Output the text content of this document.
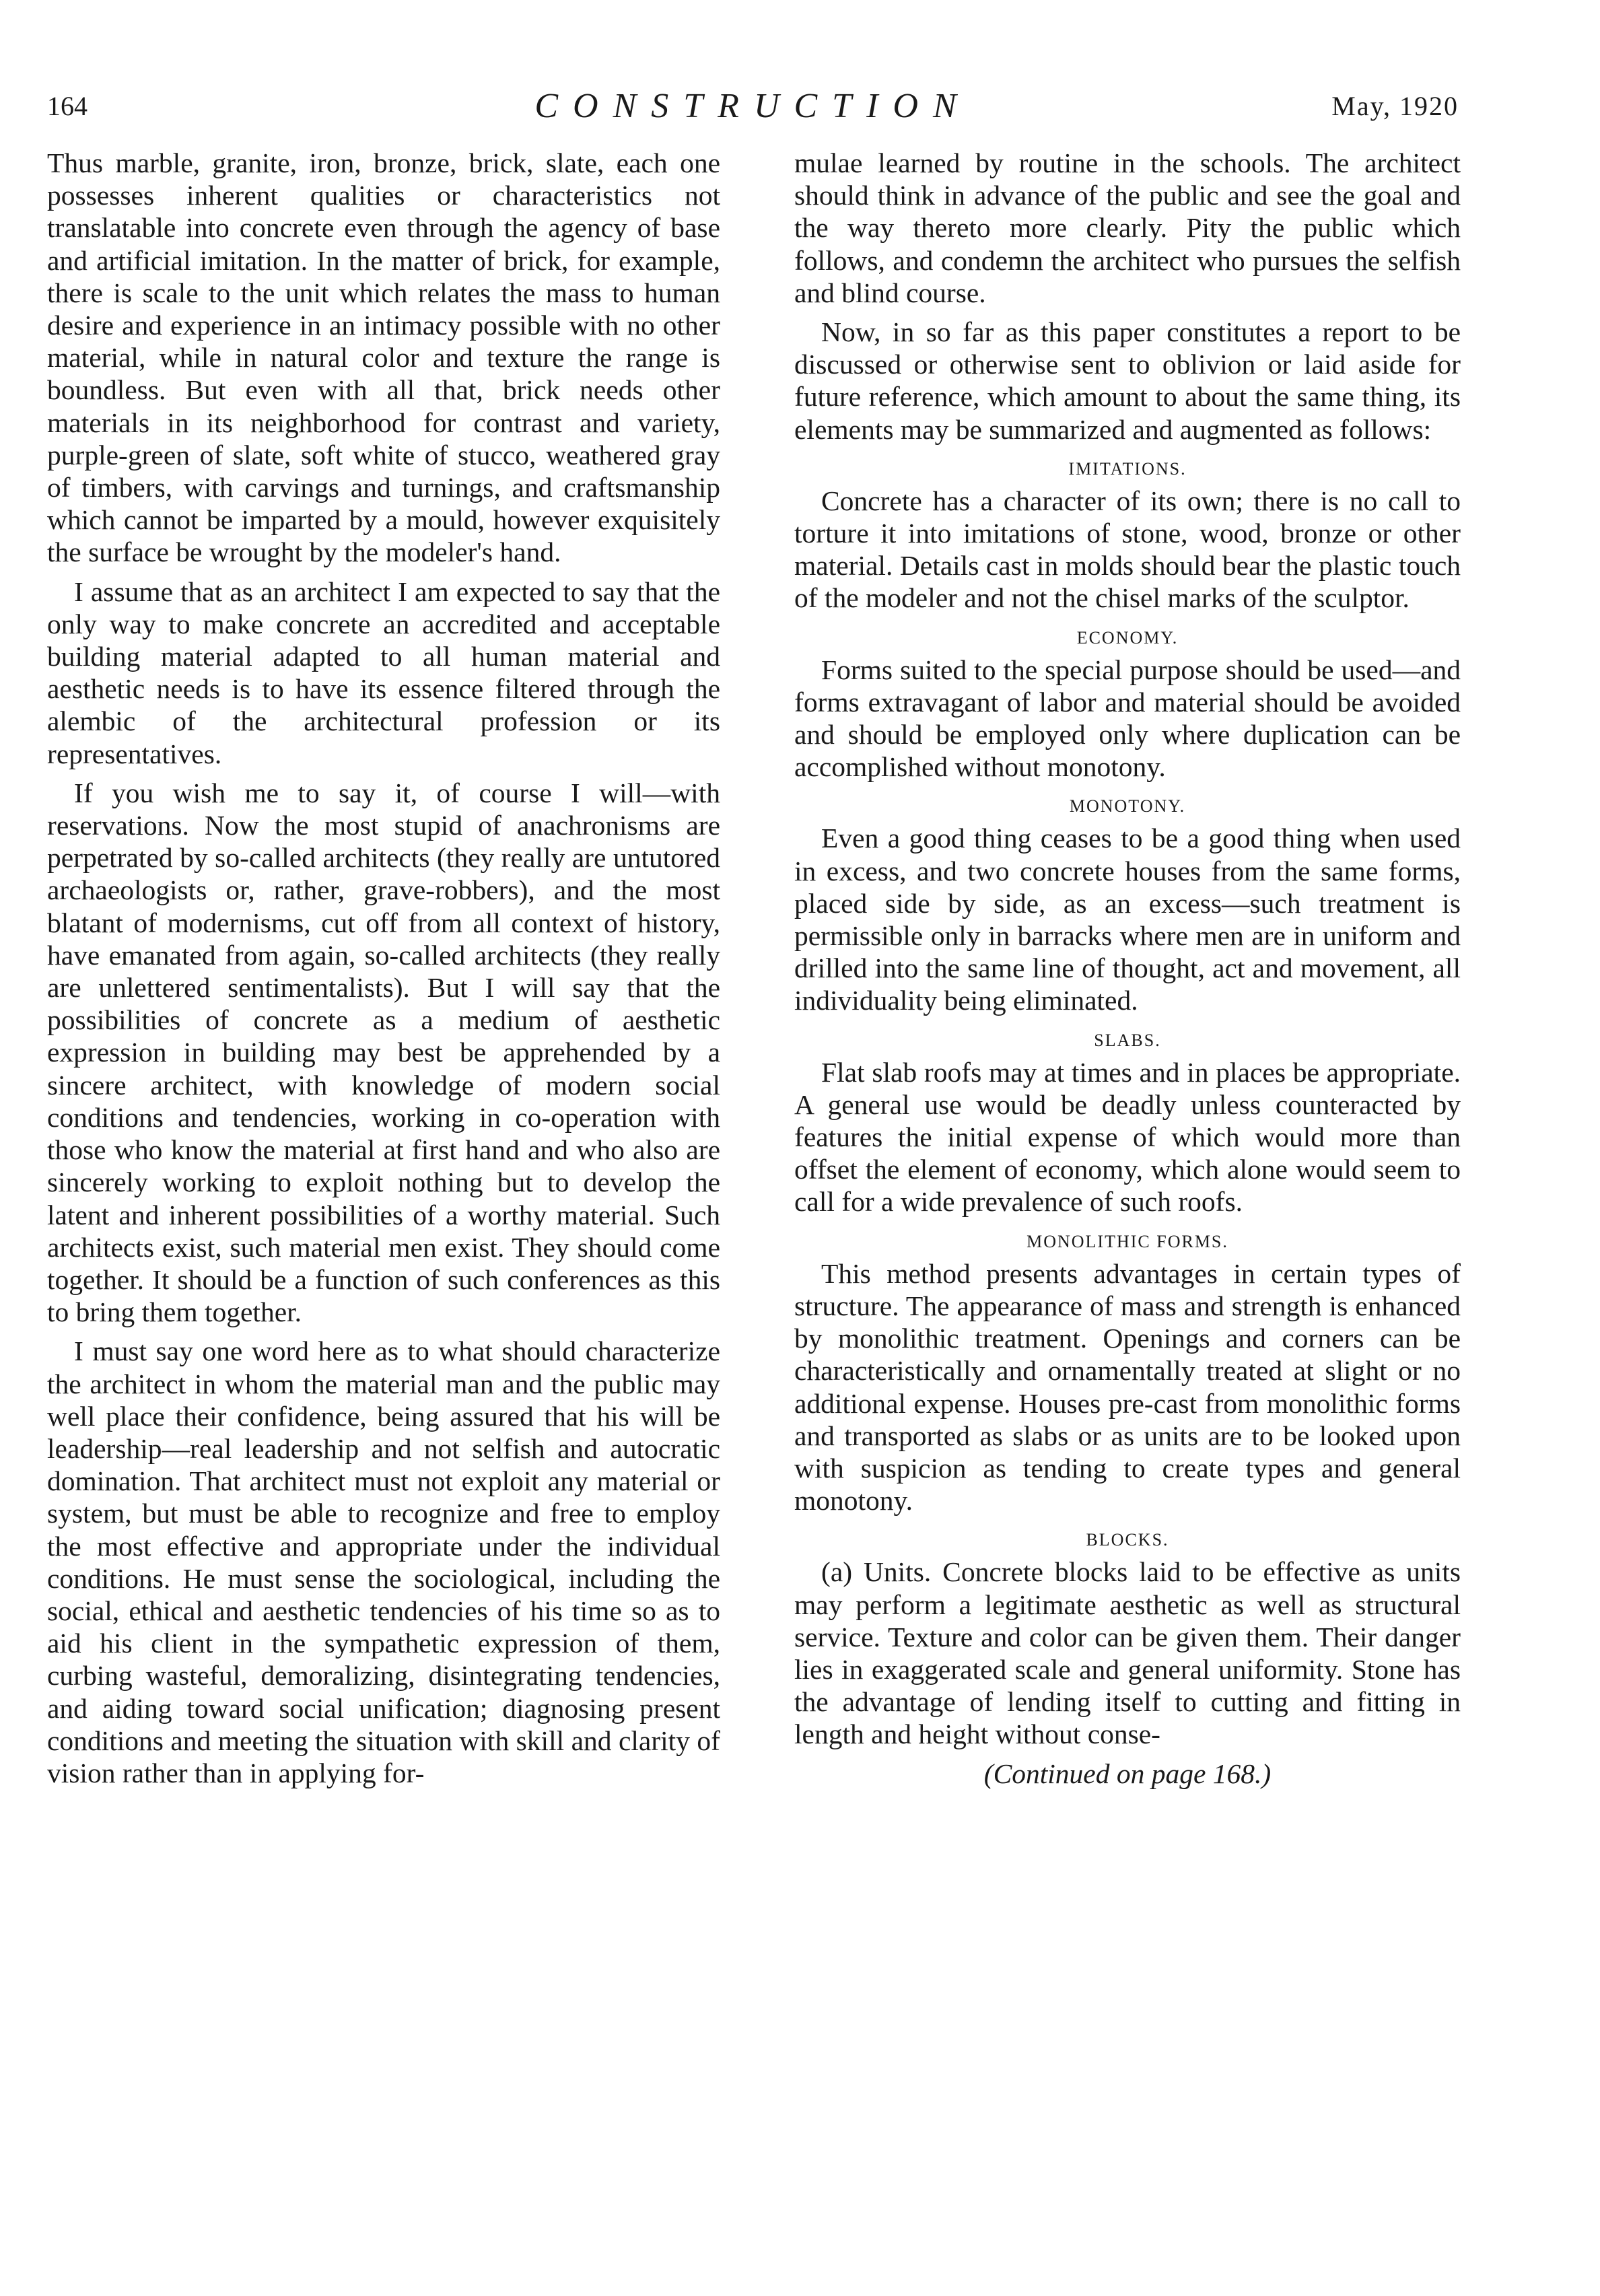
164	CONSTRUCTION	May, 1920

Thus marble, granite, iron, bronze, brick, slate, each one possesses inherent qualities or characteristics not translatable into concrete even through the agency of base and artificial imitation. In the matter of brick, for example, there is scale to the unit which relates the mass to human desire and experience in an intimacy possible with no other material, while in natural color and texture the range is boundless. But even with all that, brick needs other materials in its neighborhood for contrast and variety, purple-green of slate, soft white of stucco, weathered gray of timbers, with carvings and turnings, and craftsmanship which cannot be imparted by a mould, however exquisitely the surface be wrought by the modeler's hand.

I assume that as an architect I am expected to say that the only way to make concrete an accredited and acceptable building material adapted to all human material and aesthetic needs is to have its essence filtered through the alembic of the architectural profession or its representatives.

If you wish me to say it, of course I will—with reservations. Now the most stupid of anachronisms are perpetrated by so-called architects (they really are untutored archaeologists or, rather, grave-robbers), and the most blatant of modernisms, cut off from all context of history, have emanated from again, so-called architects (they really are unlettered sentimentalists). But I will say that the possibilities of concrete as a medium of aesthetic expression in building may best be apprehended by a sincere architect, with knowledge of modern social conditions and tendencies, working in co-operation with those who know the material at first hand and who also are sincerely working to exploit nothing but to develop the latent and inherent possibilities of a worthy material. Such architects exist, such material men exist. They should come together. It should be a function of such conferences as this to bring them together.

I must say one word here as to what should characterize the architect in whom the material man and the public may well place their confidence, being assured that his will be leadership—real leadership and not selfish and autocratic domination. That architect must not exploit any material or system, but must be able to recognize and free to employ the most effective and appropriate under the individual conditions. He must sense the sociological, including the social, ethical and aesthetic tendencies of his time so as to aid his client in the sympathetic expression of them, curbing wasteful, demoralizing, disintegrating tendencies, and aiding toward social unification; diagnosing present conditions and meeting the situation with skill and clarity of vision rather than in applying for-

mulae learned by routine in the schools. The architect should think in advance of the public and see the goal and the way thereto more clearly. Pity the public which follows, and condemn the architect who pursues the selfish and blind course.

Now, in so far as this paper constitutes a report to be discussed or otherwise sent to oblivion or laid aside for future reference, which amount to about the same thing, its elements may be summarized and augmented as follows:

IMITATIONS.

Concrete has a character of its own; there is no call to torture it into imitations of stone, wood, bronze or other material. Details cast in molds should bear the plastic touch of the modeler and not the chisel marks of the sculptor.

ECONOMY.

Forms suited to the special purpose should be used—and forms extravagant of labor and material should be avoided and should be employed only where duplication can be accomplished without monotony.

MONOTONY.

Even a good thing ceases to be a good thing when used in excess, and two concrete houses from the same forms, placed side by side, as an excess—such treatment is permissible only in barracks where men are in uniform and drilled into the same line of thought, act and movement, all individuality being eliminated.

SLABS.

Flat slab roofs may at times and in places be appropriate. A general use would be deadly unless counteracted by features the initial expense of which would more than offset the element of economy, which alone would seem to call for a wide prevalence of such roofs.

MONOLITHIC FORMS.

This method presents advantages in certain types of structure. The appearance of mass and strength is enhanced by monolithic treatment. Openings and corners can be characteristically and ornamentally treated at slight or no additional expense. Houses pre-cast from monolithic forms and transported as slabs or as units are to be looked upon with suspicion as tending to create types and general monotony.

BLOCKS.

(a) Units. Concrete blocks laid to be effective as units may perform a legitimate aesthetic as well as structural service. Texture and color can be given them. Their danger lies in exaggerated scale and general uniformity. Stone has the advantage of lending itself to cutting and fitting in length and height without conse-

(Continued on page 168.)
